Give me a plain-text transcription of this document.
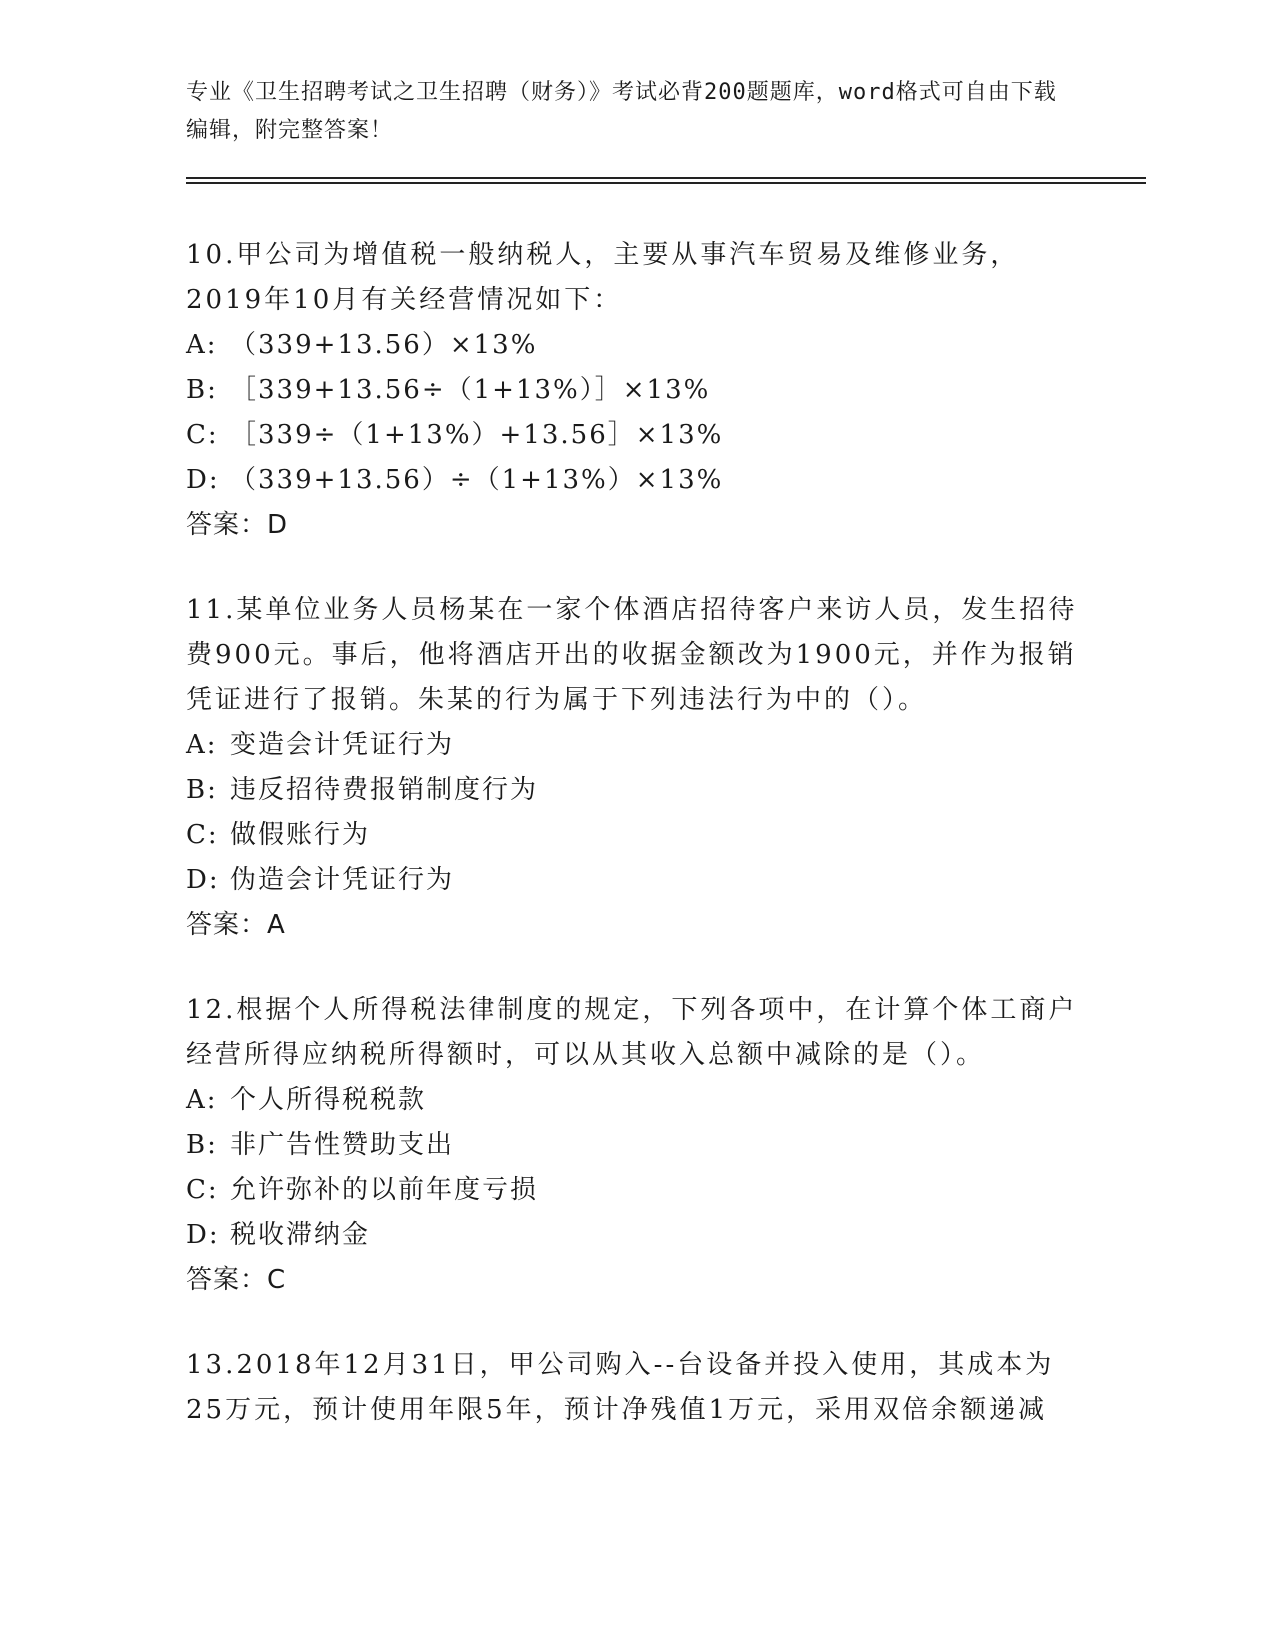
专业《卫生招聘考试之卫生招聘（财务）》考试必背200题题库，word格式可自由下载编辑，附完整答案！

10.甲公司为增值税一般纳税人，主要从事汽车贸易及维修业务，2019年10月有关经营情况如下：

A: （339+13.56）×13%

B: ［339+13.56÷（1+13%）］×13%

C: ［339÷（1+13%）+13.56］×13%

D: （339+13.56）÷（1+13%）×13%

答案：D

11.某单位业务人员杨某在一家个体酒店招待客户来访人员，发生招待费900元。事后，他将酒店开出的收据金额改为1900元，并作为报销凭证进行了报销。朱某的行为属于下列违法行为中的（）。

A: 变造会计凭证行为

B: 违反招待费报销制度行为

C: 做假账行为

D: 伪造会计凭证行为

答案：A

12.根据个人所得税法律制度的规定，下列各项中，在计算个体工商户经营所得应纳税所得额时，可以从其收入总额中减除的是（）。

A: 个人所得税税款

B: 非广告性赞助支出

C: 允许弥补的以前年度亏损

D: 税收滞纳金

答案：C

13.2018年12月31日，甲公司购入--台设备并投入使用，其成本为25万元，预计使用年限5年，预计净残值1万元，采用双倍余额递减
